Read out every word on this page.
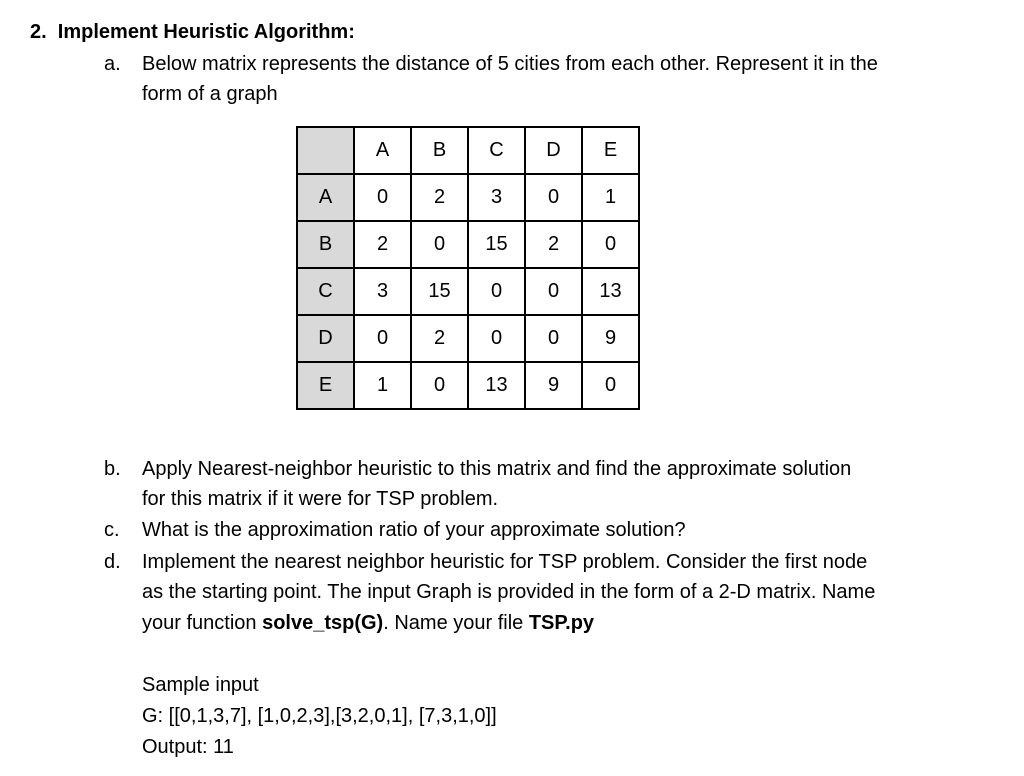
2.  Implement Heuristic Algorithm:
a. Below matrix represents the distance of 5 cities from each other. Represent it in the
form of a graph
	A	B	C	D	E
A	0	2	3	0	1
B	2	0	15	2	0
C	3	15	0	0	13
D	0	2	0	0	9
E	1	0	13	9	0
b. Apply Nearest-neighbor heuristic to this matrix and find the approximate solution
for this matrix if it were for TSP problem.
c. What is the approximation ratio of your approximate solution?
d. Implement the nearest neighbor heuristic for TSP problem. Consider the first node
as the starting point. The input Graph is provided in the form of a 2-D matrix. Name
your function solve_tsp(G). Name your file TSP.py
Sample input
G: [[0,1,3,7], [1,0,2,3],[3,2,0,1], [7,3,1,0]]
Output: 11
